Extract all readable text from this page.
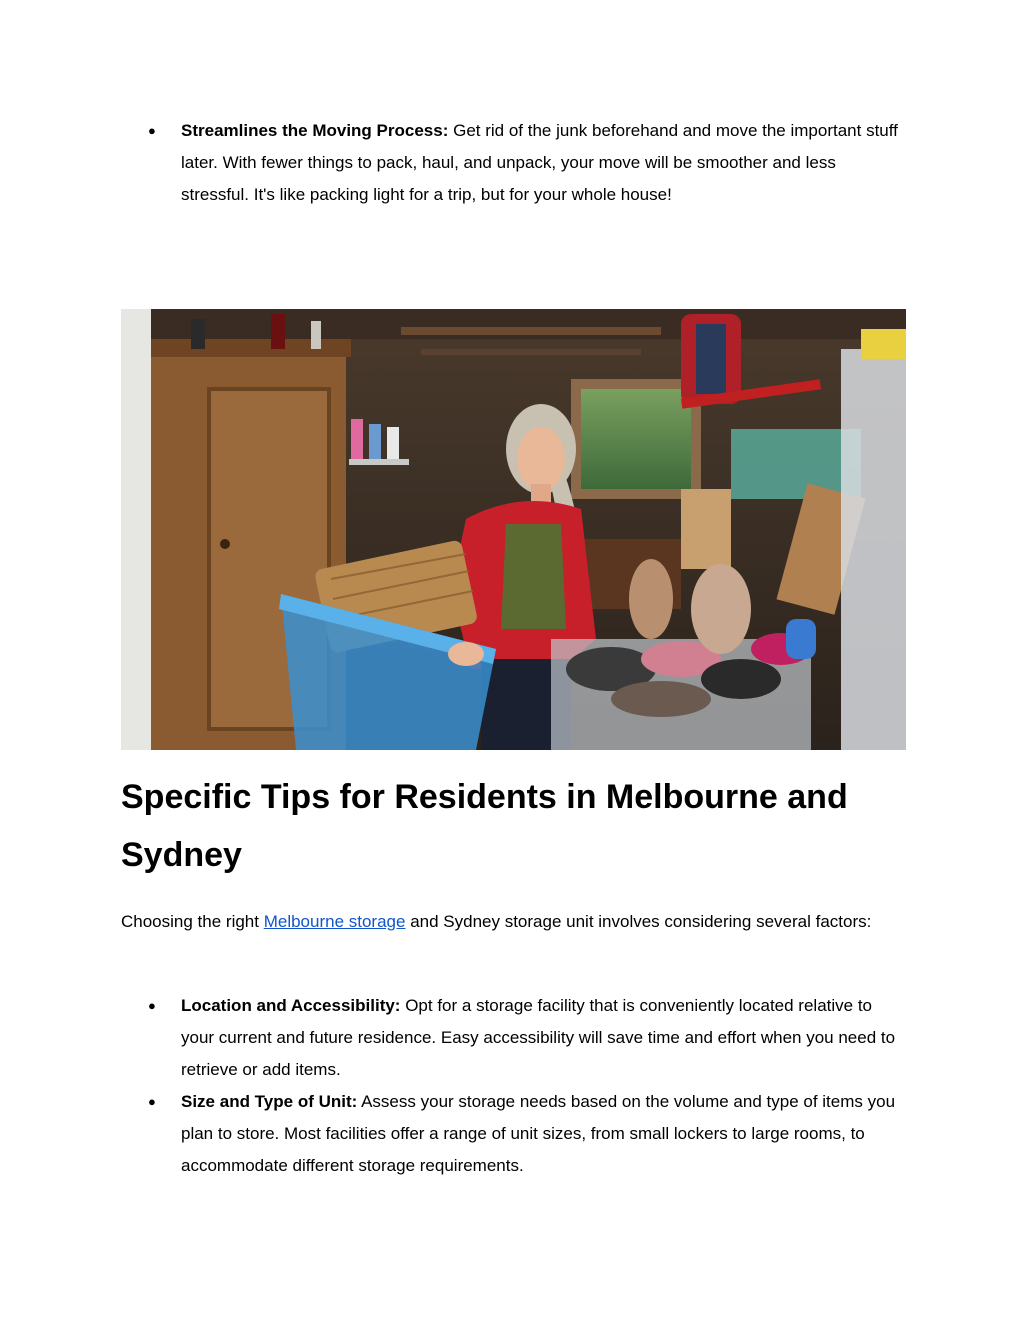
● Streamlines the Moving Process: Get rid of the junk beforehand and move the important stuff later. With fewer things to pack, haul, and unpack, your move will be smoother and less stressful. It's like packing light for a trip, but for your whole house!
Specific Tips for Residents in Melbourne and Sydney

Choosing the right Melbourne storage and Sydney storage unit involves considering several factors:

● Location and Accessibility: Opt for a storage facility that is conveniently located relative to your current and future residence. Easy accessibility will save time and effort when you need to retrieve or add items.
● Size and Type of Unit: Assess your storage needs based on the volume and type of items you plan to store. Most facilities offer a range of unit sizes, from small lockers to large rooms, to accommodate different storage requirements.
